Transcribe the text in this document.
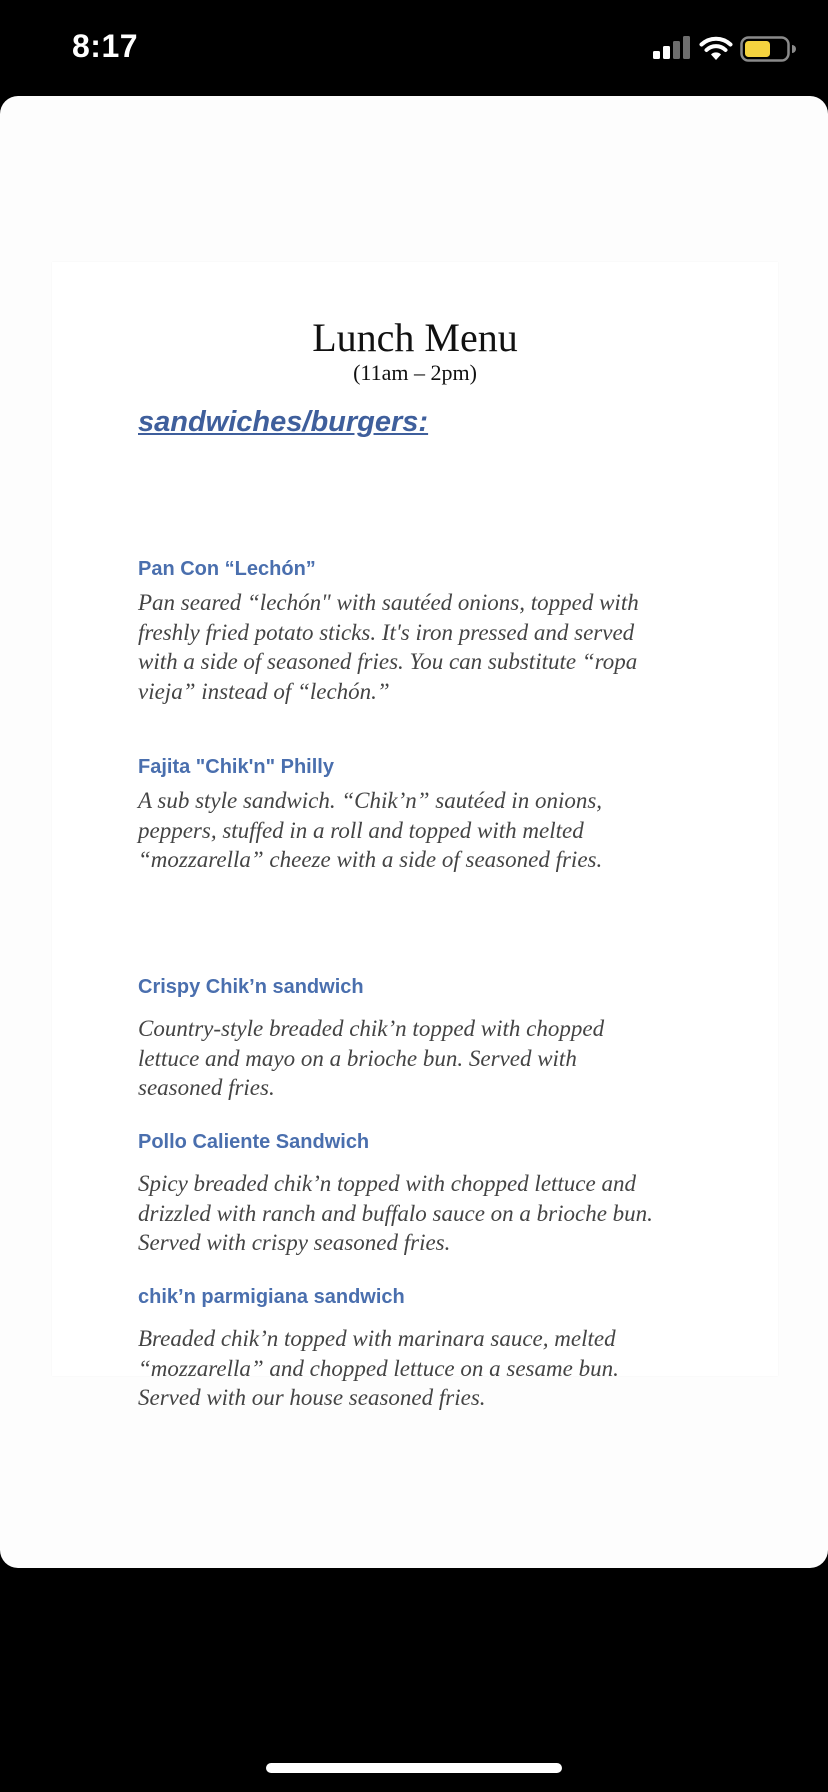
8:17
Lunch Menu
(11am – 2pm)
sandwiches/burgers:
Pan Con “Lechón”
Pan seared “lechón" with sautéed onions, topped with freshly fried potato sticks. It's iron pressed and served with a side of seasoned fries. You can substitute “ropa vieja” instead of “lechón.”
Fajita "Chik'n" Philly
A sub style sandwich. “Chik’n” sautéed in onions, peppers, stuffed in a roll and topped with melted “mozzarella” cheeze with a side of seasoned fries.
Crispy Chik’n sandwich
Country-style breaded chik’n topped with chopped lettuce and mayo on a brioche bun. Served with seasoned fries.
Pollo Caliente Sandwich
Spicy breaded chik’n topped with chopped lettuce and drizzled with ranch and buffalo sauce on a brioche bun. Served with crispy seasoned fries.
chik’n parmigiana sandwich
Breaded chik’n topped with marinara sauce, melted “mozzarella” and chopped lettuce on a sesame bun. Served with our house seasoned fries.
